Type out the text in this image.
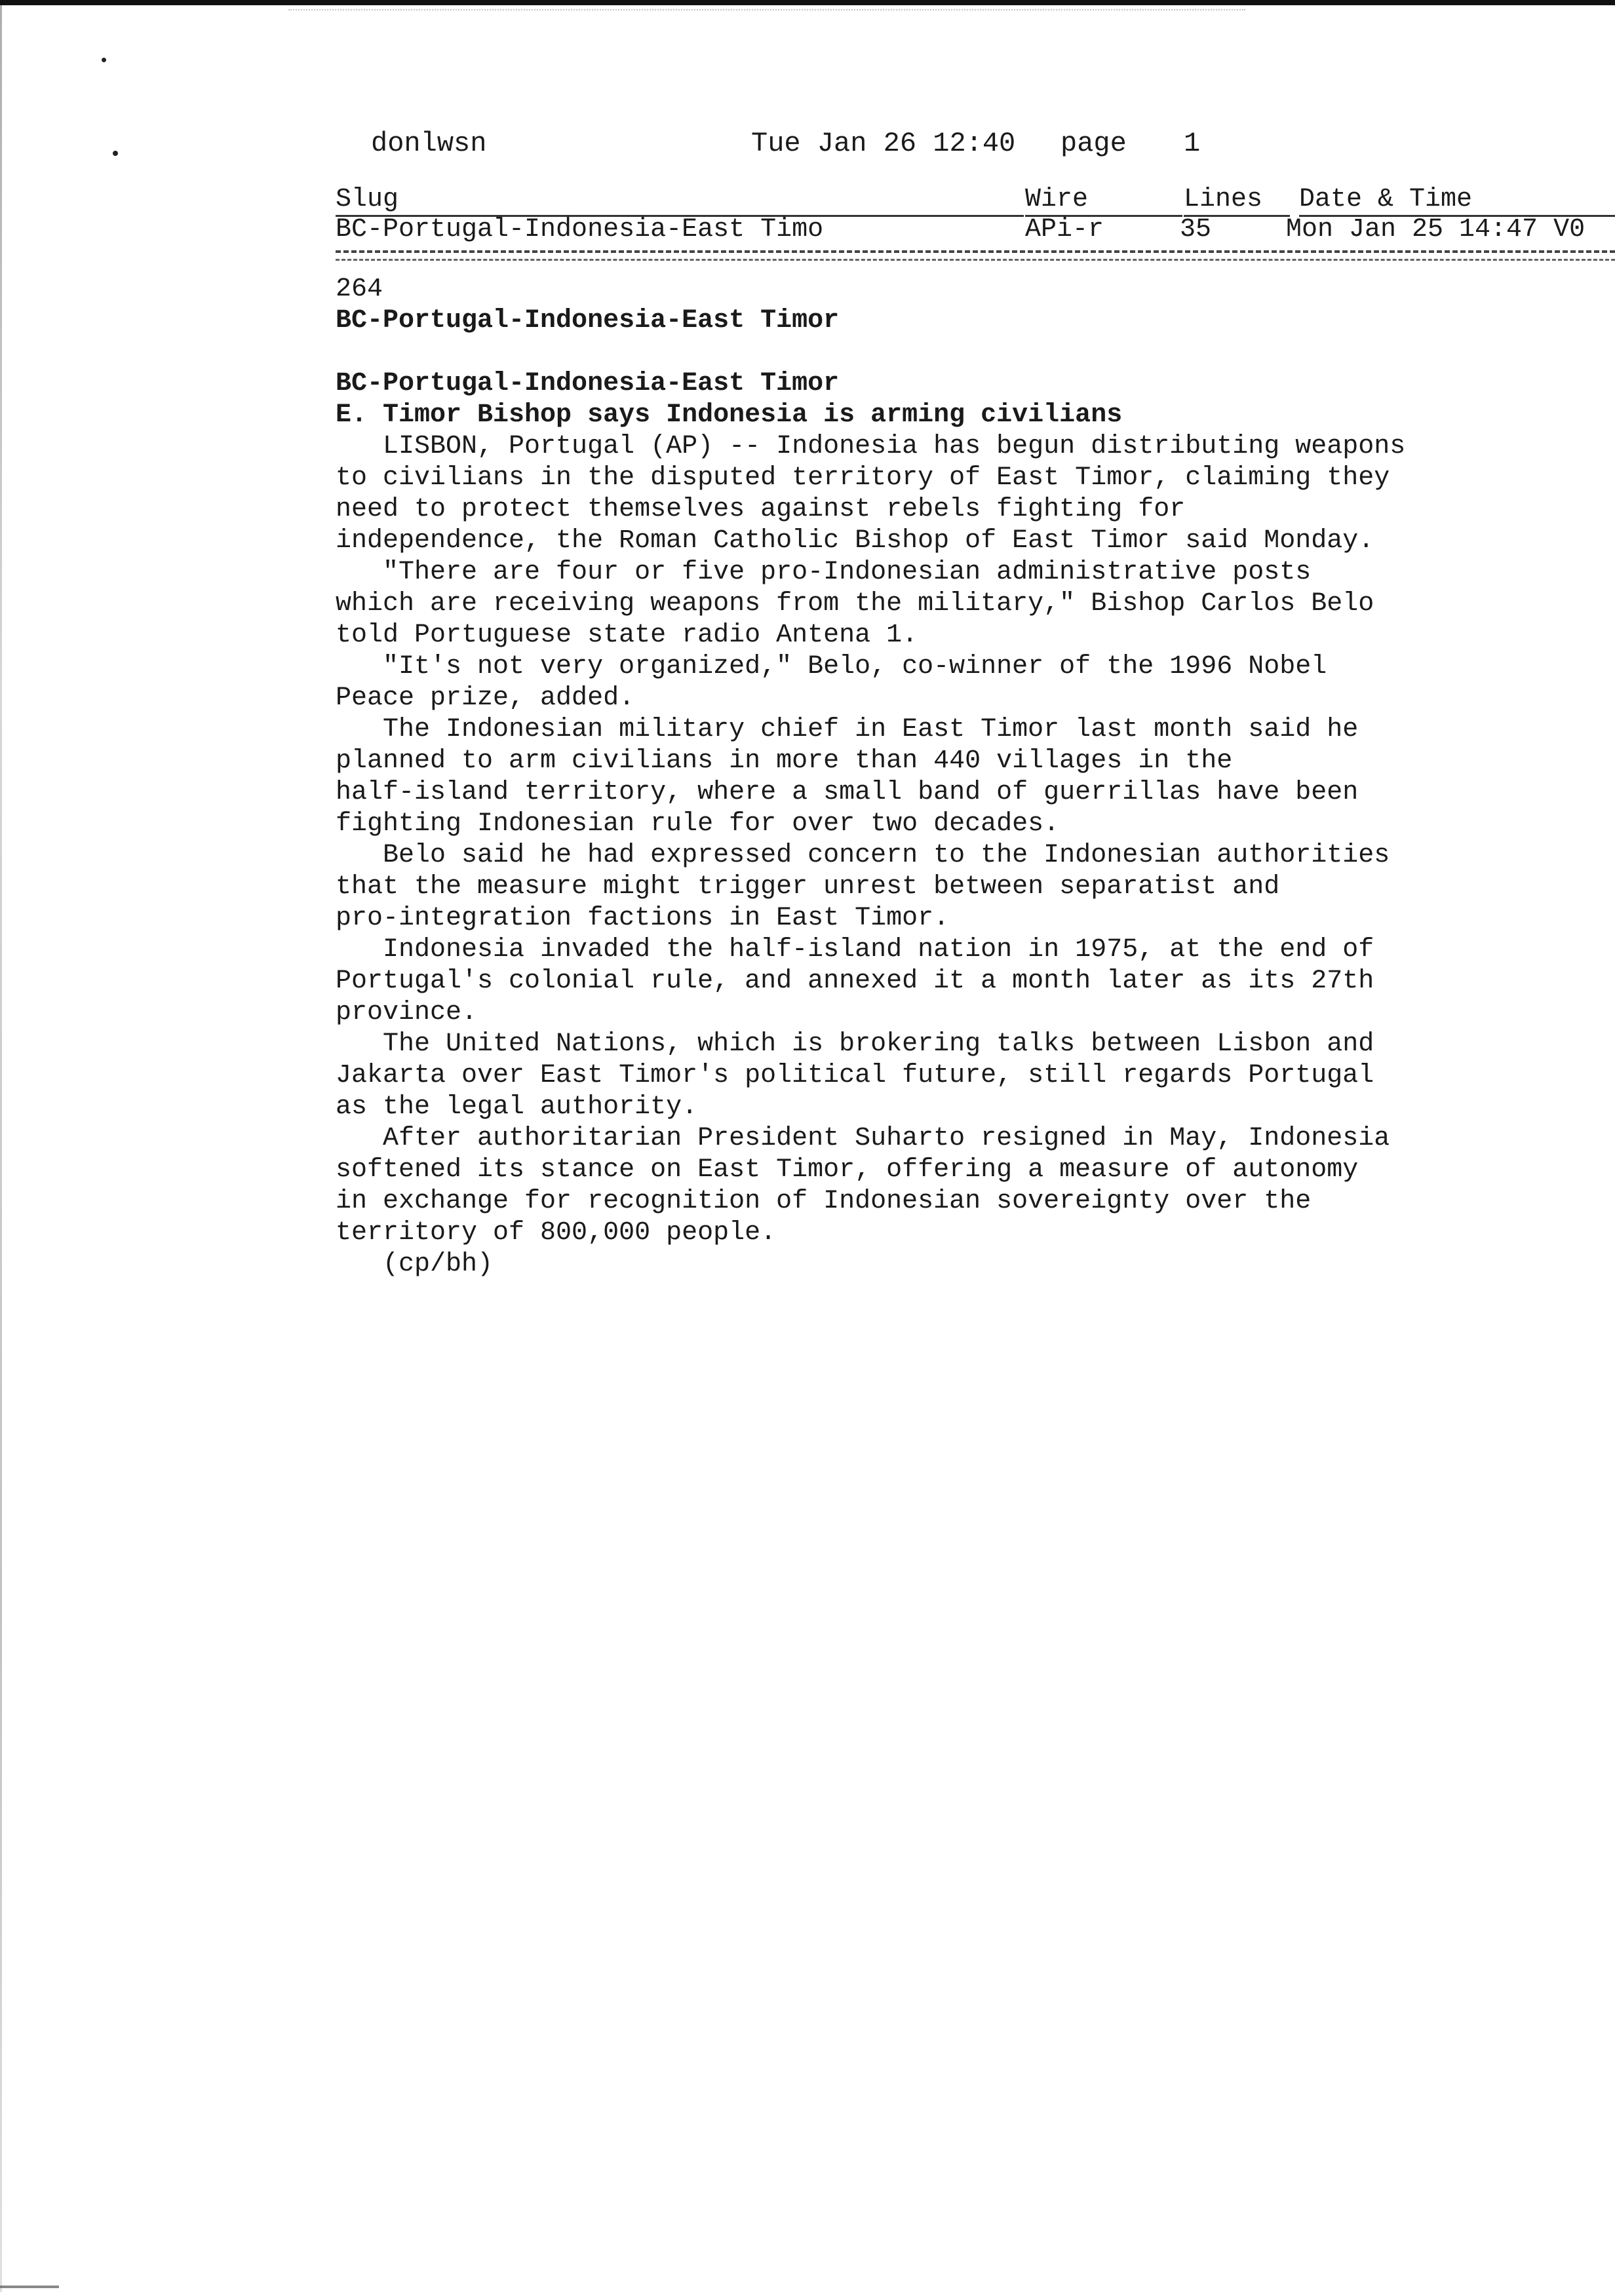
donlwsn	Tue Jan 26 12:40 page 1
Slug	Wire	Lines	Date & Time
BC-Portugal-Indonesia-East Timo	APi-r	35	Mon Jan 25 14:47 V0
264
BC-Portugal-Indonesia-East Timor
BC-Portugal-Indonesia-East Timor
E. Timor Bishop says Indonesia is arming civilians
LISBON, Portugal (AP) -- Indonesia has begun distributing weapons
to civilians in the disputed territory of East Timor, claiming they
need to protect themselves against rebels fighting for
independence, the Roman Catholic Bishop of East Timor said Monday.
"There are four or five pro-Indonesian administrative posts
which are receiving weapons from the military," Bishop Carlos Belo
told Portuguese state radio Antena 1.
"It's not very organized," Belo, co-winner of the 1996 Nobel
Peace prize, added.
The Indonesian military chief in East Timor last month said he
planned to arm civilians in more than 440 villages in the
half-island territory, where a small band of guerrillas have been
fighting Indonesian rule for over two decades.
Belo said he had expressed concern to the Indonesian authorities
that the measure might trigger unrest between separatist and
pro-integration factions in East Timor.
Indonesia invaded the half-island nation in 1975, at the end of
Portugal's colonial rule, and annexed it a month later as its 27th
province.
The United Nations, which is brokering talks between Lisbon and
Jakarta over East Timor's political future, still regards Portugal
as the legal authority.
After authoritarian President Suharto resigned in May, Indonesia
softened its stance on East Timor, offering a measure of autonomy
in exchange for recognition of Indonesian sovereignty over the
territory of 800,000 people.
(cp/bh)
